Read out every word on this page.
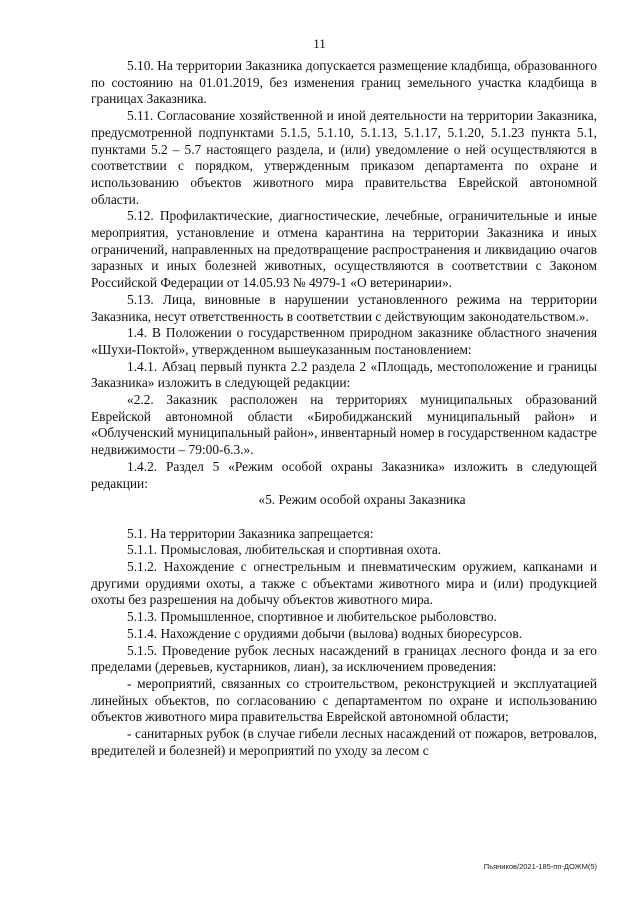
11

5.10. На территории Заказника допускается размещение кладбища, образованного по состоянию на 01.01.2019, без изменения границ земельного участка кладбища в границах Заказника.

5.11. Согласование хозяйственной и иной деятельности на территории Заказника, предусмотренной подпунктами 5.1.5, 5.1.10, 5.1.13, 5.1.17, 5.1.20, 5.1.23 пункта 5.1, пунктами 5.2 – 5.7 настоящего раздела, и (или) уведомление о ней осуществляются в соответствии с порядком, утвержденным приказом департамента по охране и использованию объектов животного мира правительства Еврейской автономной области.

5.12. Профилактические, диагностические, лечебные, ограничительные и иные мероприятия, установление и отмена карантина на территории Заказника и иных ограничений, направленных на предотвращение распространения и ликвидацию очагов заразных и иных болезней животных, осуществляются в соответствии с Законом Российской Федерации от 14.05.93 № 4979-1 «О ветеринарии».

5.13. Лица, виновные в нарушении установленного режима на территории Заказника, несут ответственность в соответствии с действующим законодательством.».

1.4. В Положении о государственном природном заказнике областного значения «Шухи-Поктой», утвержденном вышеуказанным постановлением:

1.4.1. Абзац первый пункта 2.2 раздела 2 «Площадь, местоположение и границы Заказника» изложить в следующей редакции:

«2.2. Заказник расположен на территориях муниципальных образований Еврейской автономной области «Биробиджанский муниципальный район» и «Облученский муниципальный район», инвентарный номер в государственном кадастре недвижимости – 79:00-6.3.».

1.4.2. Раздел 5 «Режим особой охраны Заказника» изложить в следующей редакции:

«5. Режим особой охраны Заказника

5.1. На территории Заказника запрещается:

5.1.1. Промысловая, любительская и спортивная охота.

5.1.2. Нахождение с огнестрельным и пневматическим оружием, капканами и другими орудиями охоты, а также с объектами животного мира и (или) продукцией охоты без разрешения на добычу объектов животного мира.

5.1.3. Промышленное, спортивное и любительское рыболовство.

5.1.4. Нахождение с орудиями добычи (вылова) водных биоресурсов.

5.1.5. Проведение рубок лесных насаждений в границах лесного фонда и за его пределами (деревьев, кустарников, лиан), за исключением проведения:

- мероприятий, связанных со строительством, реконструкцией и эксплуатацией линейных объектов, по согласованию с департаментом по охране и использованию объектов животного мира правительства Еврейской автономной области;

- санитарных рубок (в случае гибели лесных насаждений от пожаров, ветровалов, вредителей и болезней) и мероприятий по уходу за лесом с

Пьяников/2021-185-пп-ДОЖМ(5)
